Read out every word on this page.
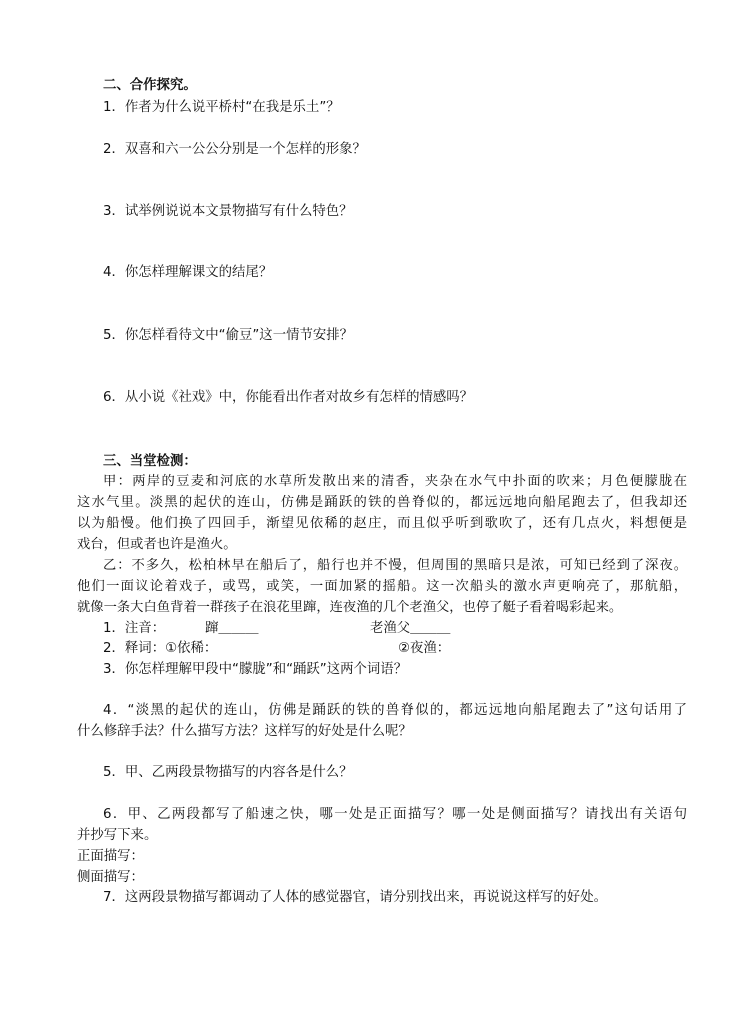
二、合作探究。
1．作者为什么说平桥村“在我是乐土”？
2．双喜和六一公公分别是一个怎样的形象？
3．试举例说说本文景物描写有什么特色？
4．你怎样理解课文的结尾？
5．你怎样看待文中“偷豆”这一情节安排？
6．从小说《社戏》中，你能看出作者对故乡有怎样的情感吗？
三、当堂检测：
甲：两岸的豆麦和河底的水草所发散出来的清香，夹杂在水气中扑面的吹来；月色便朦胧在
这水气里。淡黑的起伏的连山，仿佛是踊跃的铁的兽脊似的，都远远地向船尾跑去了，但我却还
以为船慢。他们换了四回手，渐望见依稀的赵庄，而且似乎听到歌吹了，还有几点火，料想便是
戏台，但或者也许是渔火。
乙：不多久，松柏林早在船后了，船行也并不慢，但周围的黑暗只是浓，可知已经到了深夜。
他们一面议论着戏子，或骂，或笑，一面加紧的摇船。这一次船头的激水声更响亮了，那航船，
就像一条大白鱼背着一群孩子在浪花里蹿，连夜渔的几个老渔父，也停了艇子看着喝彩起来。
1．注音：	蹿＿＿＿	老渔父＿＿＿
2．释词：①依稀：	②夜渔：
3．你怎样理解甲段中“朦胧”和“踊跃”这两个词语？
4．“淡黑的起伏的连山，仿佛是踊跃的铁的兽脊似的，都远远地向船尾跑去了”这句话用了
什么修辞手法？什么描写方法？这样写的好处是什么呢？
5．甲、乙两段景物描写的内容各是什么？
6．甲、乙两段都写了船速之快，哪一处是正面描写？哪一处是侧面描写？请找出有关语句
并抄写下来。
正面描写：
侧面描写：
7．这两段景物描写都调动了人体的感觉器官，请分别找出来，再说说这样写的好处。
